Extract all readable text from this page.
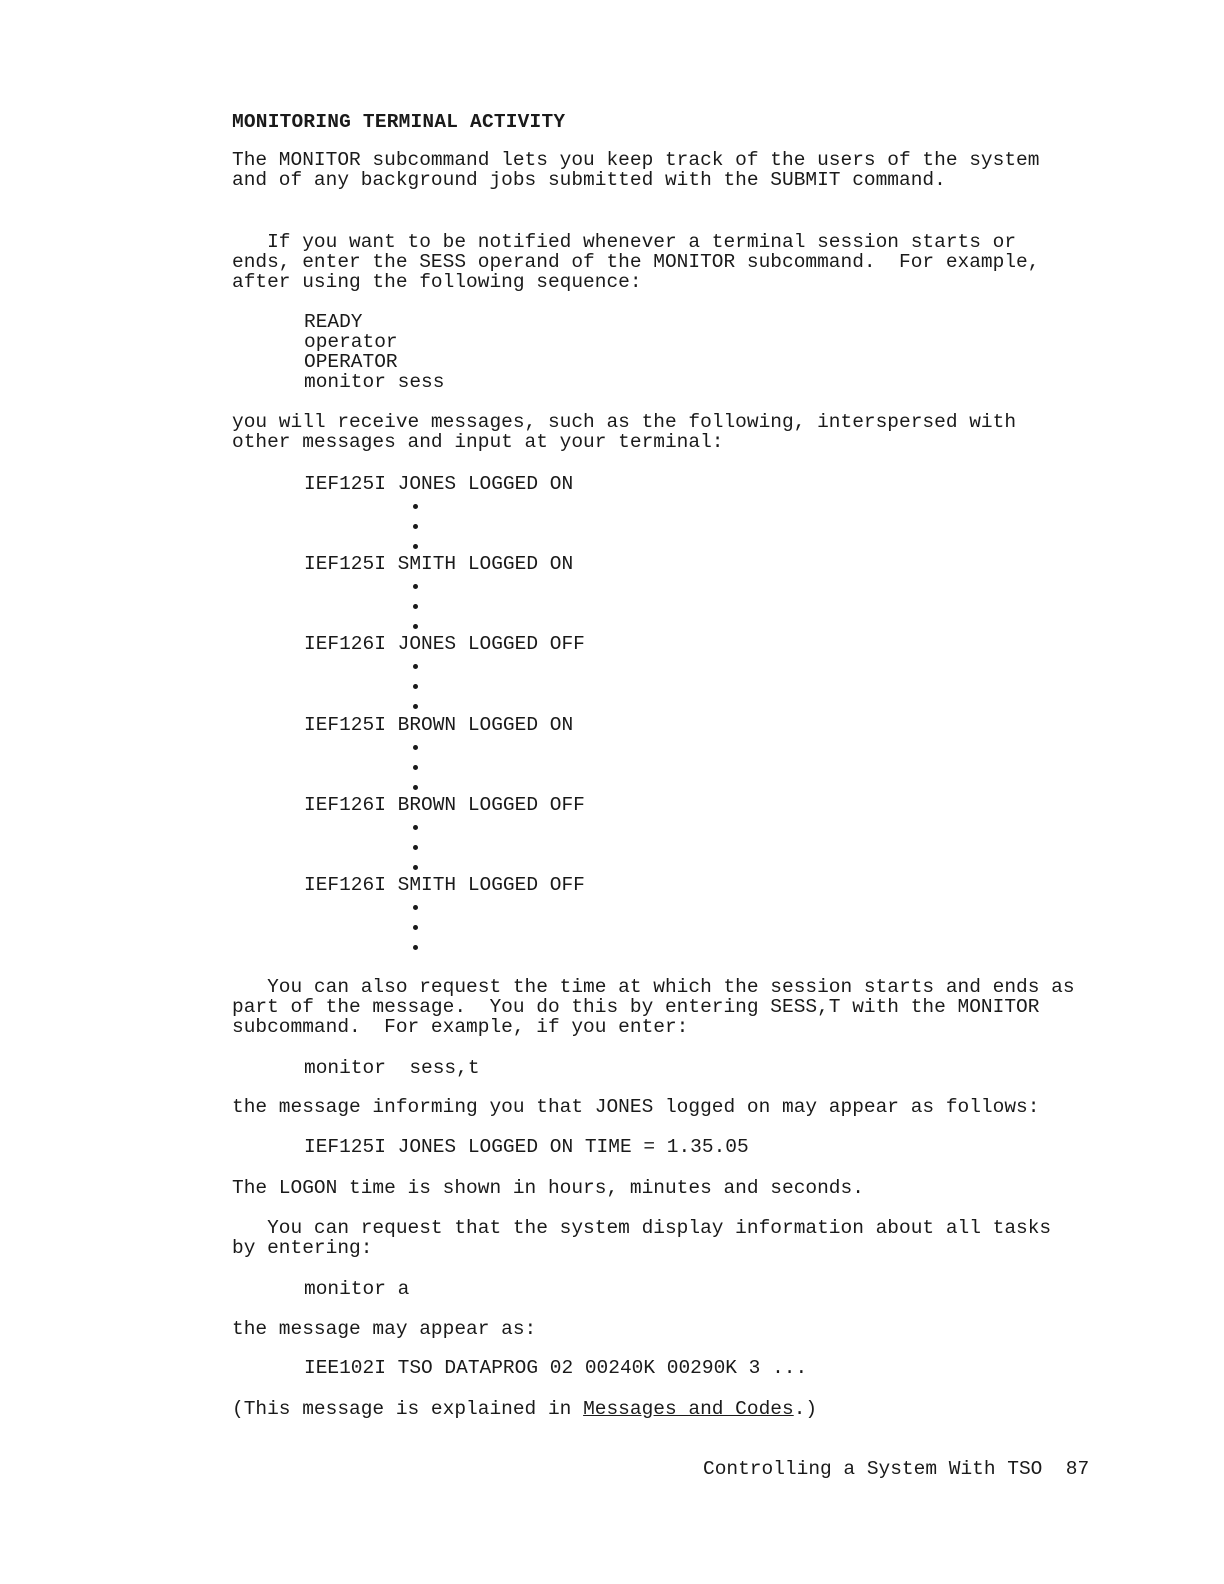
MONITORING TERMINAL ACTIVITY
The MONITOR subcommand lets you keep track of the users of the system
and of any background jobs submitted with the SUBMIT command.
If you want to be notified whenever a terminal session starts or
ends, enter the SESS operand of the MONITOR subcommand.  For example,
after using the following sequence:
READY
operator
OPERATOR
monitor sess
you will receive messages, such as the following, interspersed with
other messages and input at your terminal:
IEF125I JONES LOGGED ON
IEF125I SMITH LOGGED ON
IEF126I JONES LOGGED OFF
IEF125I BROWN LOGGED ON
IEF126I BROWN LOGGED OFF
IEF126I SMITH LOGGED OFF
You can also request the time at which the session starts and ends as
part of the message.  You do this by entering SESS,T with the MONITOR
subcommand.  For example, if you enter:
monitor  sess,t
the message informing you that JONES logged on may appear as follows:
IEF125I JONES LOGGED ON TIME = 1.35.05
The LOGON time is shown in hours, minutes and seconds.
You can request that the system display information about all tasks
by entering:
monitor a
the message may appear as:
IEE102I TSO DATAPROG 02 00240K 00290K 3 ...
(This message is explained in Messages and Codes.)
Controlling a System With TSO 87
